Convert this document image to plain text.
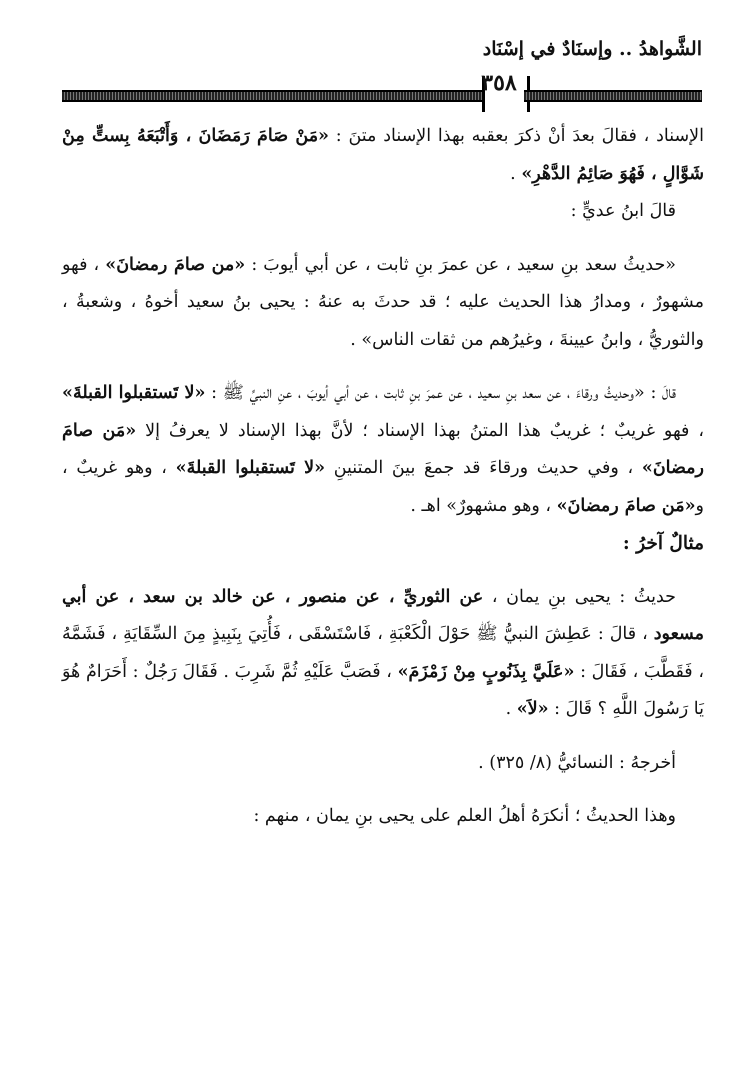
الشَّواهدُ .. وإسنَادٌ في إسْنَاد
٣٥٨

الإسناد ، فقالَ بعدَ أنْ ذكرَ بعقبه بهذا الإسناد متنَ : «مَنْ صَامَ رَمَضَانَ ، وَأَتْبَعَهُ بِستٍّ مِنْ شَوَّالٍ ، فَهُوَ صَائِمُ الدَّهْرِ» .

قالَ ابنُ عديٍّ :

«حديثُ سعد بنِ سعيد ، عن عمرَ بنِ ثابت ، عن أبي أيوبَ : «من صامَ رمضانَ» ، فهو مشهورٌ ، ومدارُ هذا الحديث عليه ؛ قد حدثَ به عنهُ : يحيى بنُ سعيد أخوهُ ، وشعبةُ ، والثوريُّ ، وابنُ عيينةَ ، وغيرُهم من ثقات الناس» .

قالَ : «وحديثُ ورقاءَ ، عن سعد بنِ سعيد ، عن عمرَ بنِ ثابت ، عن أبي أيوبَ ، عنِ النبيِّ ﷺ : «لا تَستقبلوا القبلةَ» ، فهو غريبٌ ؛ غريبٌ هذا المتنُ بهذا الإسناد ؛ لأنَّ بهذا الإسناد لا يعرفُ إلا «مَن صامَ رمضانَ» ، وفي حديث ورقاءَ قد جمعَ بينَ المتنينِ «لا تَستقبلوا القبلةَ» ، وهو غريبٌ ، و«مَن صامَ رمضانَ» ، وهو مشهورٌ» اهـ .

مثالٌ آخرُ :

حديثُ : يحيى بنِ يمان ، عن الثوريِّ ، عن منصور ، عن خالد بن سعد ، عن أبي مسعود ، قالَ : عَطِشَ النبيُّ ﷺ حَوْلَ الْكَعْبَةِ ، فَاسْتَسْقَى ، فَأُتِيَ بِنَبِيذٍ مِنَ السِّقَايَةِ ، فَشَمَّهُ ، فَقَطَّبَ ، فَقَالَ : «عَلَيَّ بِذَنُوبٍ مِنْ زَمْزَمَ» ، فَصَبَّ عَلَيْهِ ثُمَّ شَرِبَ . فَقَالَ رَجُلٌ : أَحَرَامٌ هُوَ يَا رَسُولَ اللَّهِ ؟ قَالَ : «لاَ» .

أخرجهُ : النسائيُّ (٨/ ٣٢٥) .

وهذا الحديثُ ؛ أنكرَهُ أهلُ العلم على يحيى بنِ يمان ، منهم :
